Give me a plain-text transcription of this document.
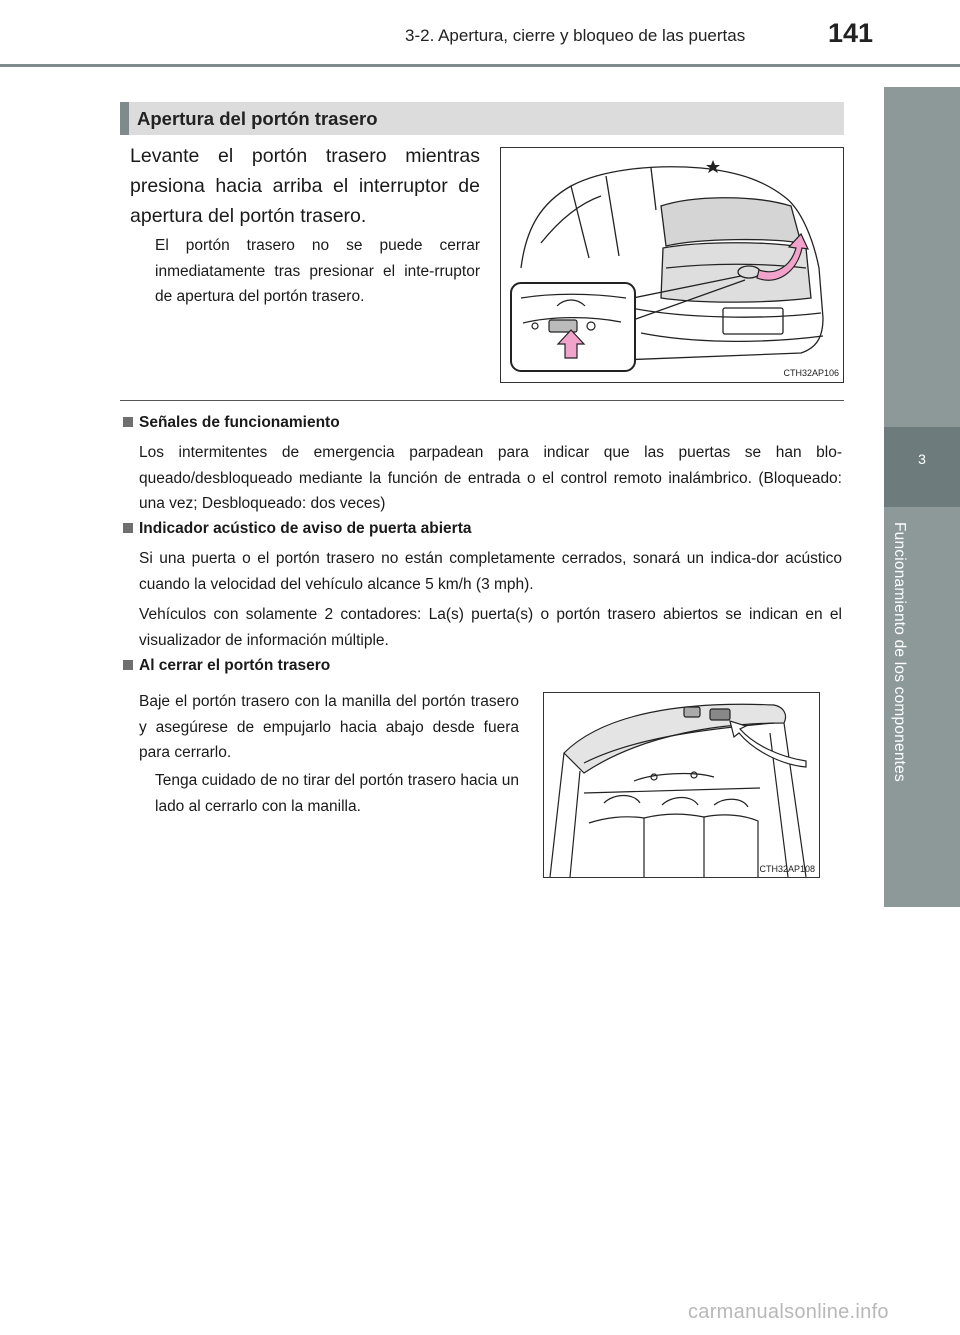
3-2. Apertura, cierre y bloqueo de las puertas	141
3
Funcionamiento de los componentes
Apertura del portón trasero
Levante el portón trasero mientras presiona hacia arriba el interruptor de apertura del portón trasero.
El portón trasero no se puede cerrar inmediatamente tras presionar el inte-rruptor de apertura del portón trasero.
CTH32AP106
Señales de funcionamiento
Los intermitentes de emergencia parpadean para indicar que las puertas se han blo-queado/desbloqueado mediante la función de entrada o el control remoto inalámbrico. (Bloqueado: una vez; Desbloqueado: dos veces)
Indicador acústico de aviso de puerta abierta
Si una puerta o el portón trasero no están completamente cerrados, sonará un indica-dor acústico cuando la velocidad del vehículo alcance 5 km/h (3 mph).
Vehículos con solamente 2 contadores: La(s) puerta(s) o portón trasero abiertos se indican en el visualizador de información múltiple.
Al cerrar el portón trasero
Baje el portón trasero con la manilla del portón trasero y asegúrese de empujarlo hacia abajo desde fuera para cerrarlo.
Tenga cuidado de no tirar del portón trasero hacia un lado al cerrarlo con la manilla.
CTH32AP108
carmanualsonline.info
